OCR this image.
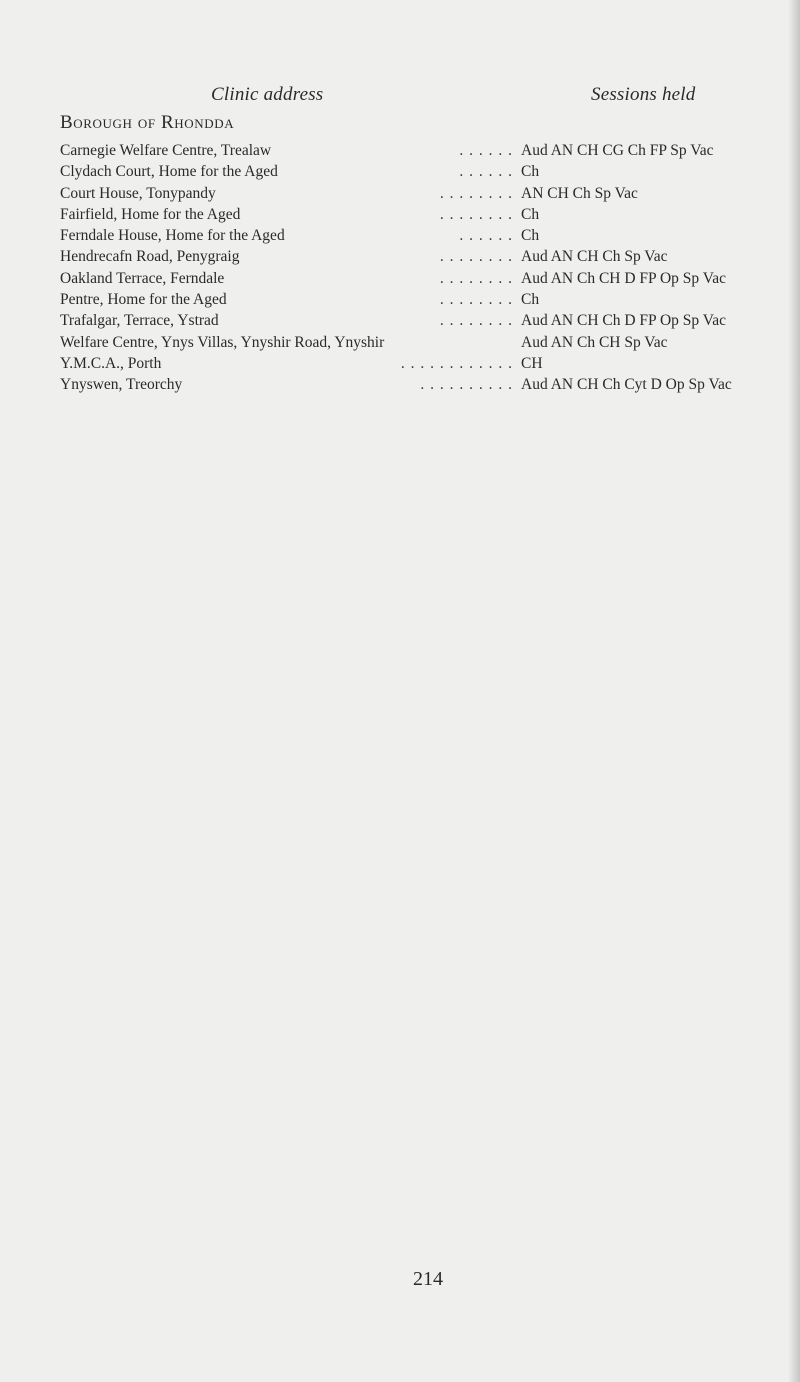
Clinic address	Sessions held
Borough of Rhondda
Carnegie Welfare Centre, Trealaw	. . . . . . Aud AN CH CG Ch FP Sp Vac
Clydach Court, Home for the Aged	. . . . . . Ch
Court House, Tonypandy	. . . . . . . . AN CH Ch Sp Vac
Fairfield, Home for the Aged	. . . . . . . . Ch
Ferndale House, Home for the Aged	. . . . . . Ch
Hendrecafn Road, Penygraig	. . . . . . . . Aud AN CH Ch Sp Vac
Oakland Terrace, Ferndale	. . . . . . . . Aud AN Ch CH D FP Op Sp Vac
Pentre, Home for the Aged	. . . . . . . . Ch
Trafalgar, Terrace, Ystrad	. . . . . . . . Aud AN CH Ch D FP Op Sp Vac
Welfare Centre, Ynys Villas, Ynyshir Road, Ynyshir	Aud AN Ch CH Sp Vac
Y.M.C.A., Porth	. . . . . . . . . . . . CH
Ynyswen, Treorchy	. . . . . . . . . . Aud AN CH Ch Cyt D Op Sp Vac
214
